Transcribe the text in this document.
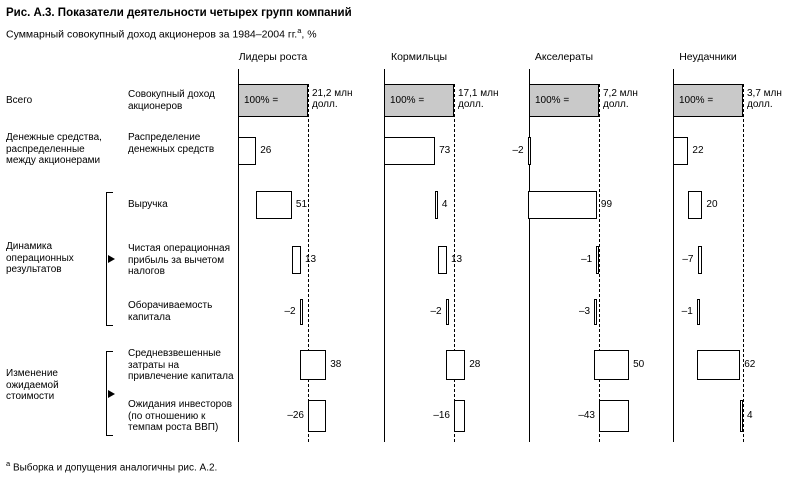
Рис. А.3. Показатели деятельности четырех групп компаний
Суммарный совокупный доход акционеров за 1984–2004 гг.$^а$, %
Всего
Денежные средства, распределенные между акционерами
Динамика операционных результатов
Изменение ожидаемой стоимости
Совокупный доход акционеров
Распределение денежных средств
Выручка
Чистая операционная прибыль за вычетом налогов
Оборачиваемость капитала
Средневзвешенные затраты на привлечение капитала
Ожидания инвесторов (по отношению к темпам роста ВВП)
Лидеры роста
100% =
21,2 млн долл.
26
51
13
–2
38
–26
Кормильцы
100% =
17,1 млн долл.
73
4
13
–2
28
–16
Акселераты
100% =
7,2 млн долл.
–2
99
–1
–3
50
–43
Неудачники
100% =
3,7 млн долл.
22
20
–7
–1
62
4
$^а$ Выборка и допущения аналогичны рис. А.2.
